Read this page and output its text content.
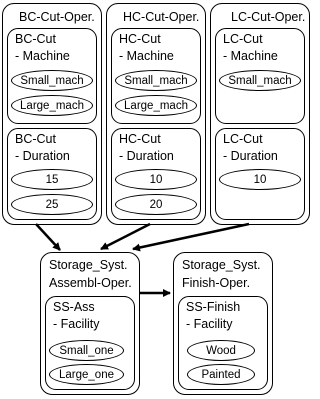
BC-Cut-Oper.
BC-Cut
- Machine
Small_mach
Large_mach
BC-Cut
- Duration
15
25
HC-Cut-Oper.
HC-Cut
- Machine
Small_mach
Large_mach
HC-Cut
- Duration
10
20
LC-Cut-Oper.
LC-Cut
- Machine
Small_mach
LC-Cut
- Duration
10
Storage_Syst.
Assembl-Oper.
SS-Ass
- Facility
Small_one
Large_one
Storage_Syst.
Finish-Oper.
SS-Finish
- Facility
Wood
Painted
